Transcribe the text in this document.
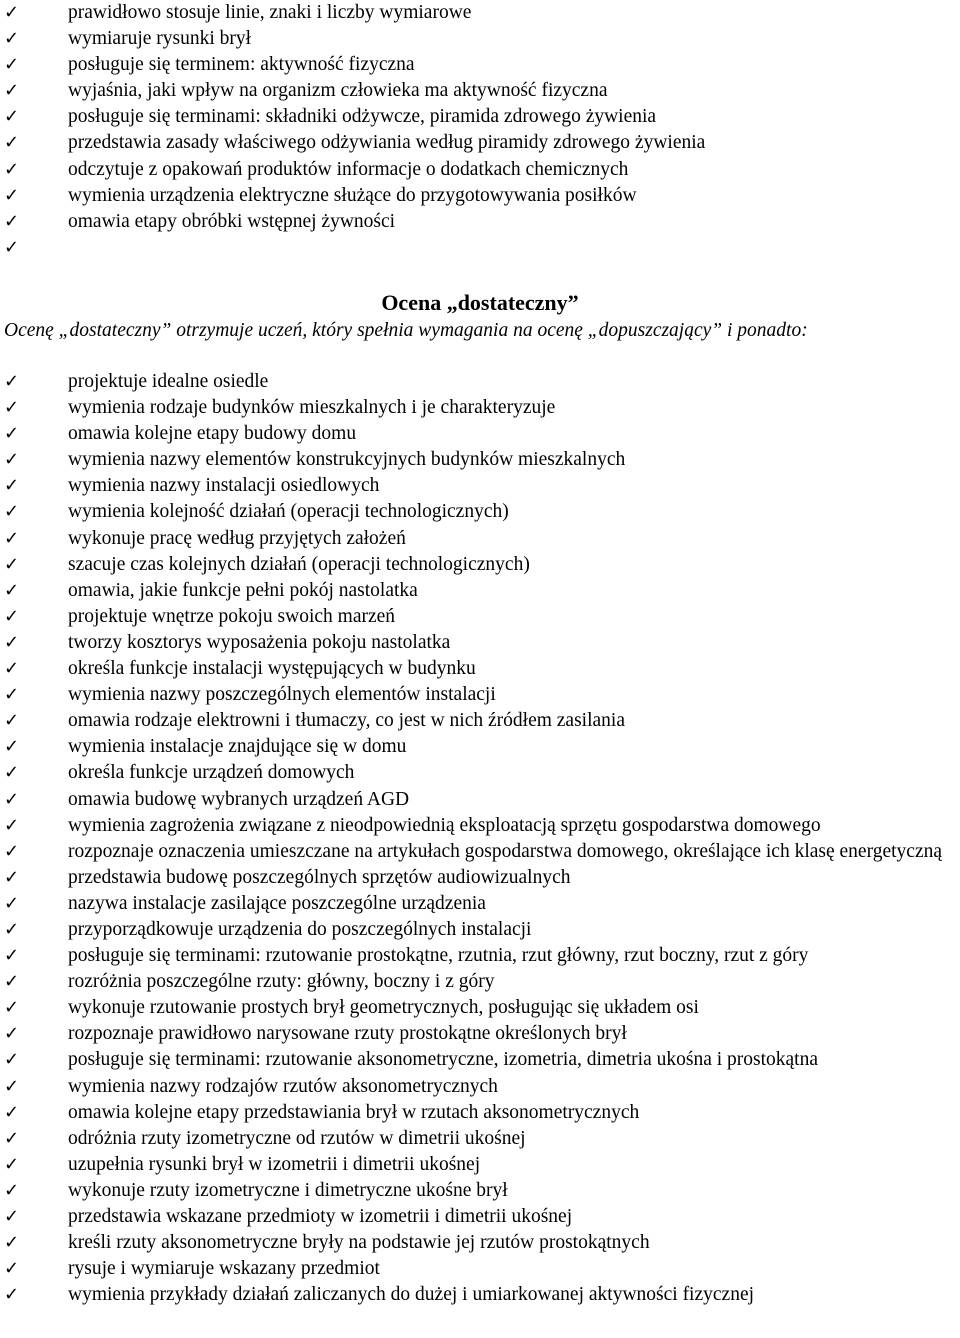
✓	prawidłowo stosuje linie, znaki i liczby wymiarowe
✓	wymiaruje rysunki brył
✓	posługuje się terminem: aktywność fizyczna
✓	wyjaśnia, jaki wpływ na organizm człowieka ma aktywność fizyczna
✓	posługuje się terminami: składniki odżywcze, piramida zdrowego żywienia
✓	przedstawia zasady właściwego odżywiania według piramidy zdrowego żywienia
✓	odczytuje z opakowań produktów informacje o dodatkach chemicznych
✓	wymienia urządzenia elektryczne służące do przygotowywania posiłków
✓	omawia etapy obróbki wstępnej żywności
✓
Ocena „dostateczny”

Ocenę „dostateczny” otrzymuje uczeń, który spełnia wymagania na ocenę „dopuszczający” i ponadto:

✓	projektuje idealne osiedle
✓	wymienia rodzaje budynków mieszkalnych i je charakteryzuje
✓	omawia kolejne etapy budowy domu
✓	wymienia nazwy elementów konstrukcyjnych budynków mieszkalnych
✓	wymienia nazwy instalacji osiedlowych
✓	wymienia kolejność działań (operacji technologicznych)
✓	wykonuje pracę według przyjętych założeń
✓	szacuje czas kolejnych działań (operacji technologicznych)
✓	omawia, jakie funkcje pełni pokój nastolatka
✓	projektuje wnętrze pokoju swoich marzeń
✓	tworzy kosztorys wyposażenia pokoju nastolatka
✓	określa funkcje instalacji występujących w budynku
✓	wymienia nazwy poszczególnych elementów instalacji
✓	omawia rodzaje elektrowni i tłumaczy, co jest w nich źródłem zasilania
✓	wymienia instalacje znajdujące się w domu
✓	określa funkcje urządzeń domowych
✓	omawia budowę wybranych urządzeń AGD
✓	wymienia zagrożenia związane z nieodpowiednią eksploatacją sprzętu gospodarstwa domowego
✓	rozpoznaje oznaczenia umieszczane na artykułach gospodarstwa domowego, określające ich klasę energetyczną
✓	przedstawia budowę poszczególnych sprzętów audiowizualnych
✓	nazywa instalacje zasilające poszczególne urządzenia
✓	przyporządkowuje urządzenia do poszczególnych instalacji
✓	posługuje się terminami: rzutowanie prostokątne, rzutnia, rzut główny, rzut boczny, rzut z góry
✓	rozróżnia poszczególne rzuty: główny, boczny i z góry
✓	wykonuje rzutowanie prostych brył geometrycznych, posługując się układem osi
✓	rozpoznaje prawidłowo narysowane rzuty prostokątne określonych brył
✓	posługuje się terminami: rzutowanie aksonometryczne, izometria, dimetria ukośna i prostokątna
✓	wymienia nazwy rodzajów rzutów aksonometrycznych
✓	omawia kolejne etapy przedstawiania brył w rzutach aksonometrycznych
✓	odróżnia rzuty izometryczne od rzutów w dimetrii ukośnej
✓	uzupełnia rysunki brył w izometrii i dimetrii ukośnej
✓	wykonuje rzuty izometryczne i dimetryczne ukośne brył
✓	przedstawia wskazane przedmioty w izometrii i dimetrii ukośnej
✓	kreśli rzuty aksonometryczne bryły na podstawie jej rzutów prostokątnych
✓	rysuje i wymiaruje wskazany przedmiot
✓	wymienia przykłady działań zaliczanych do dużej i umiarkowanej aktywności fizycznej
